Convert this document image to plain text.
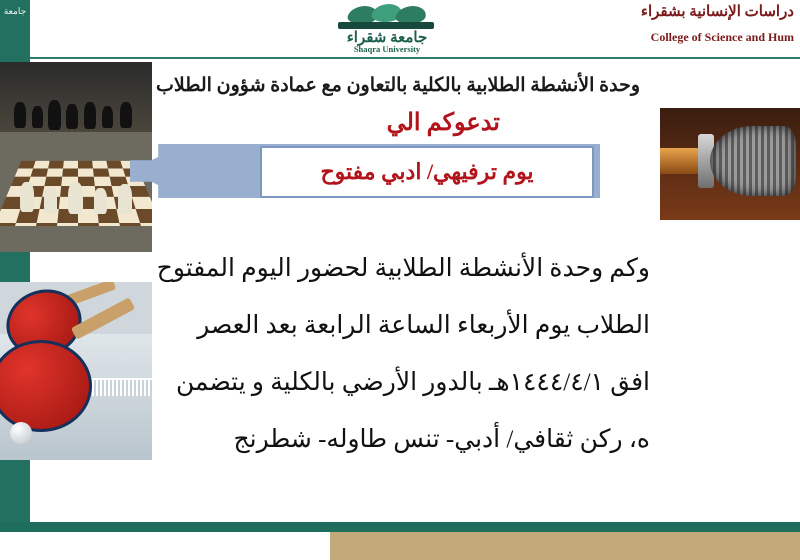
جامعة
جامعة شقراء
Shaqra University
دراسات الإنسانية بشقراء
College of Science and Hum
وحدة الأنشطة الطلابية بالكلية بالتعاون مع عمادة شؤون الطلاب
تدعوكم الي
يوم ترفيهي/ ادبي مفتوح

وكم وحدة الأنشطة الطلابية لحضور اليوم المفتوح

الطلاب يوم الأربعاء الساعة الرابعة بعد العصر

افق ١٤٤٤/٤/١هـ بالدور الأرضي بالكلية و يتضمن

ه، ركن ثقافي/ أدبي- تنس طاوله- شطرنج
